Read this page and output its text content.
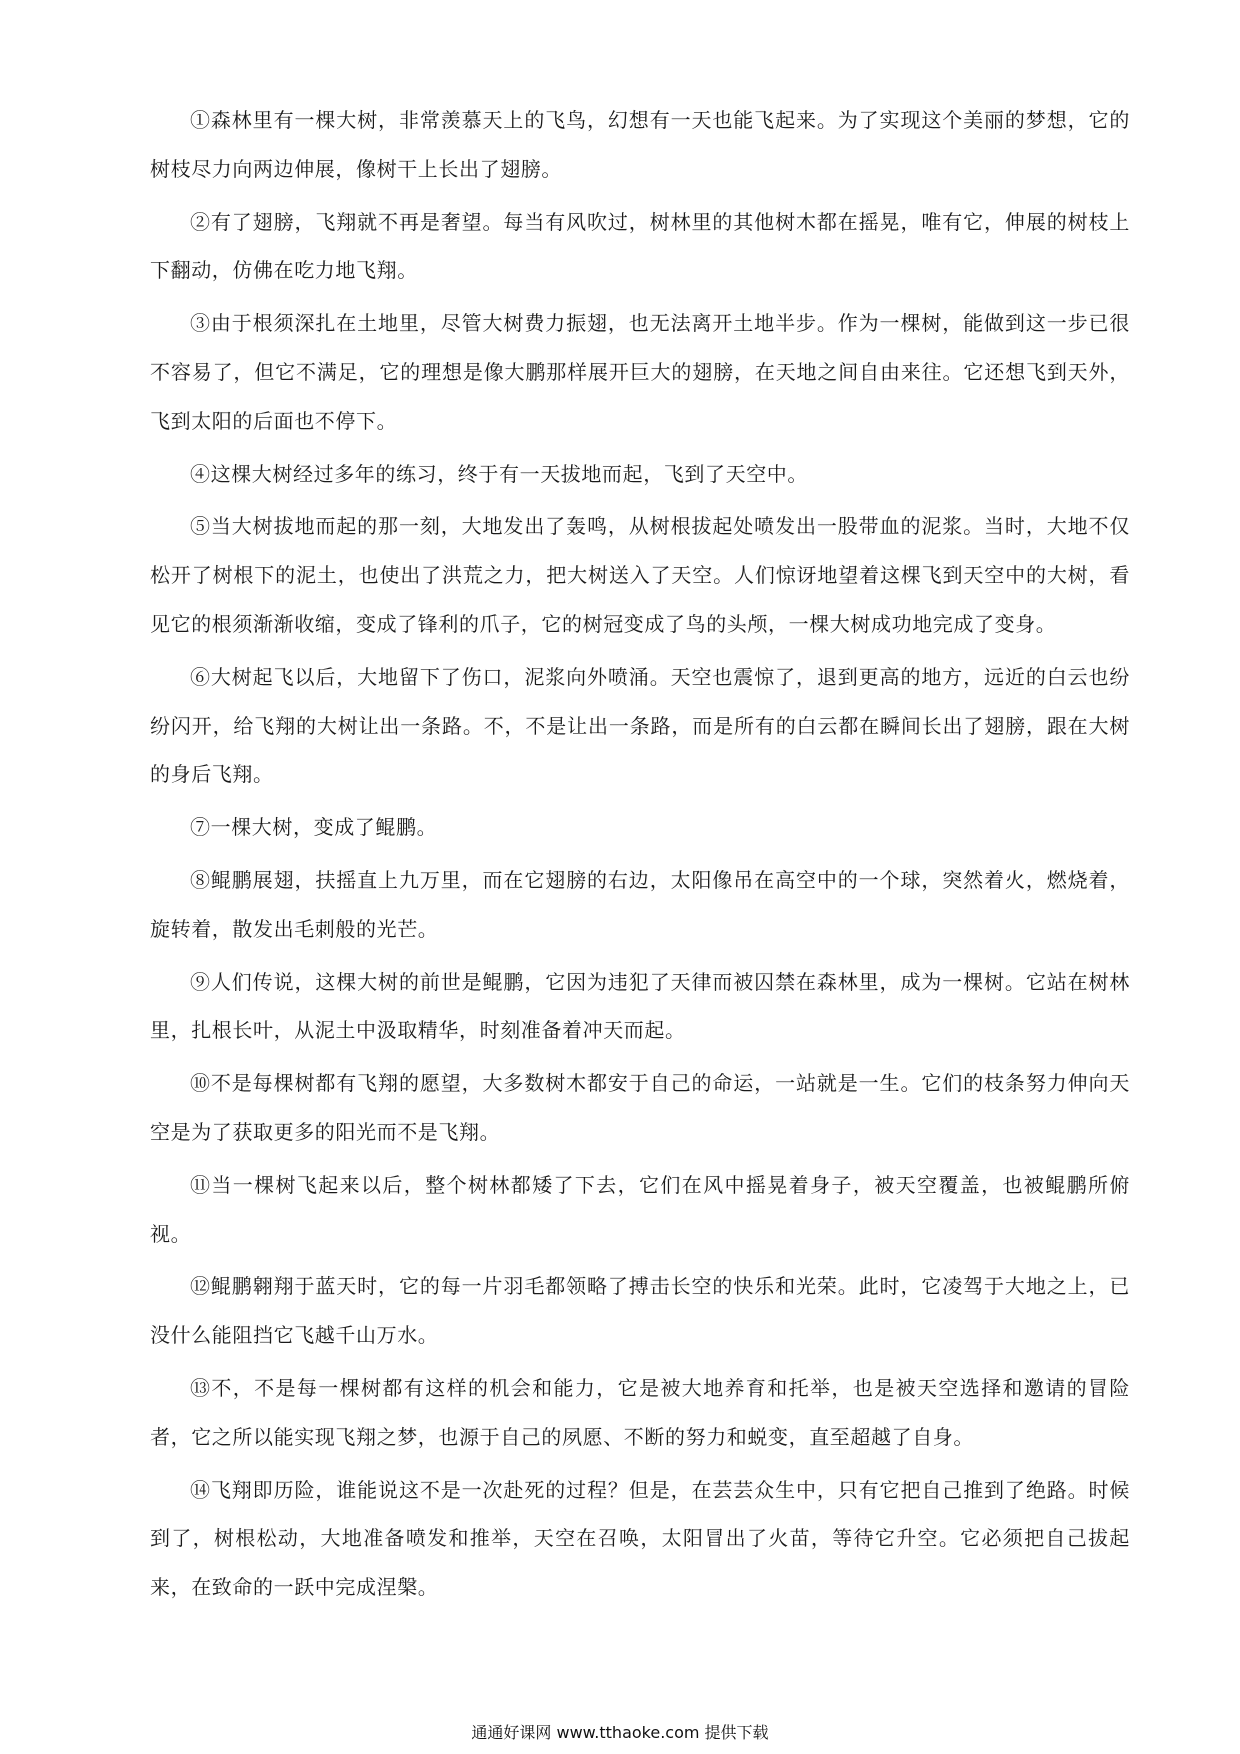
①森林里有一棵大树，非常羡慕天上的飞鸟，幻想有一天也能飞起来。为了实现这个美丽的梦想，它的树枝尽力向两边伸展，像树干上长出了翅膀。

②有了翅膀，飞翔就不再是奢望。每当有风吹过，树林里的其他树木都在摇晃，唯有它，伸展的树枝上下翻动，仿佛在吃力地飞翔。

③由于根须深扎在土地里，尽管大树费力振翅，也无法离开土地半步。作为一棵树，能做到这一步已很不容易了，但它不满足，它的理想是像大鹏那样展开巨大的翅膀，在天地之间自由来往。它还想飞到天外，飞到太阳的后面也不停下。

④这棵大树经过多年的练习，终于有一天拔地而起，飞到了天空中。

⑤当大树拔地而起的那一刻，大地发出了轰鸣，从树根拔起处喷发出一股带血的泥浆。当时，大地不仅松开了树根下的泥土，也使出了洪荒之力，把大树送入了天空。人们惊讶地望着这棵飞到天空中的大树，看见它的根须渐渐收缩，变成了锋利的爪子，它的树冠变成了鸟的头颅，一棵大树成功地完成了变身。

⑥大树起飞以后，大地留下了伤口，泥浆向外喷涌。天空也震惊了，退到更高的地方，远近的白云也纷纷闪开，给飞翔的大树让出一条路。不，不是让出一条路，而是所有的白云都在瞬间长出了翅膀，跟在大树的身后飞翔。

⑦一棵大树，变成了鲲鹏。

⑧鲲鹏展翅，扶摇直上九万里，而在它翅膀的右边，太阳像吊在高空中的一个球，突然着火，燃烧着，旋转着，散发出毛刺般的光芒。

⑨人们传说，这棵大树的前世是鲲鹏，它因为违犯了天律而被囚禁在森林里，成为一棵树。它站在树林里，扎根长叶，从泥土中汲取精华，时刻准备着冲天而起。

⑩不是每棵树都有飞翔的愿望，大多数树木都安于自己的命运，一站就是一生。它们的枝条努力伸向天空是为了获取更多的阳光而不是飞翔。

⑪当一棵树飞起来以后，整个树林都矮了下去，它们在风中摇晃着身子，被天空覆盖，也被鲲鹏所俯视。

⑫鲲鹏翱翔于蓝天时，它的每一片羽毛都领略了搏击长空的快乐和光荣。此时，它凌驾于大地之上，已没什么能阻挡它飞越千山万水。

⑬不，不是每一棵树都有这样的机会和能力，它是被大地养育和托举，也是被天空选择和邀请的冒险者，它之所以能实现飞翔之梦，也源于自己的夙愿、不断的努力和蜕变，直至超越了自身。

⑭飞翔即历险，谁能说这不是一次赴死的过程？但是，在芸芸众生中，只有它把自己推到了绝路。时候到了，树根松动，大地准备喷发和推举，天空在召唤，太阳冒出了火苗，等待它升空。它必须把自己拔起来，在致命的一跃中完成涅槃。

通通好课网 www.tthaoke.com 提供下载
